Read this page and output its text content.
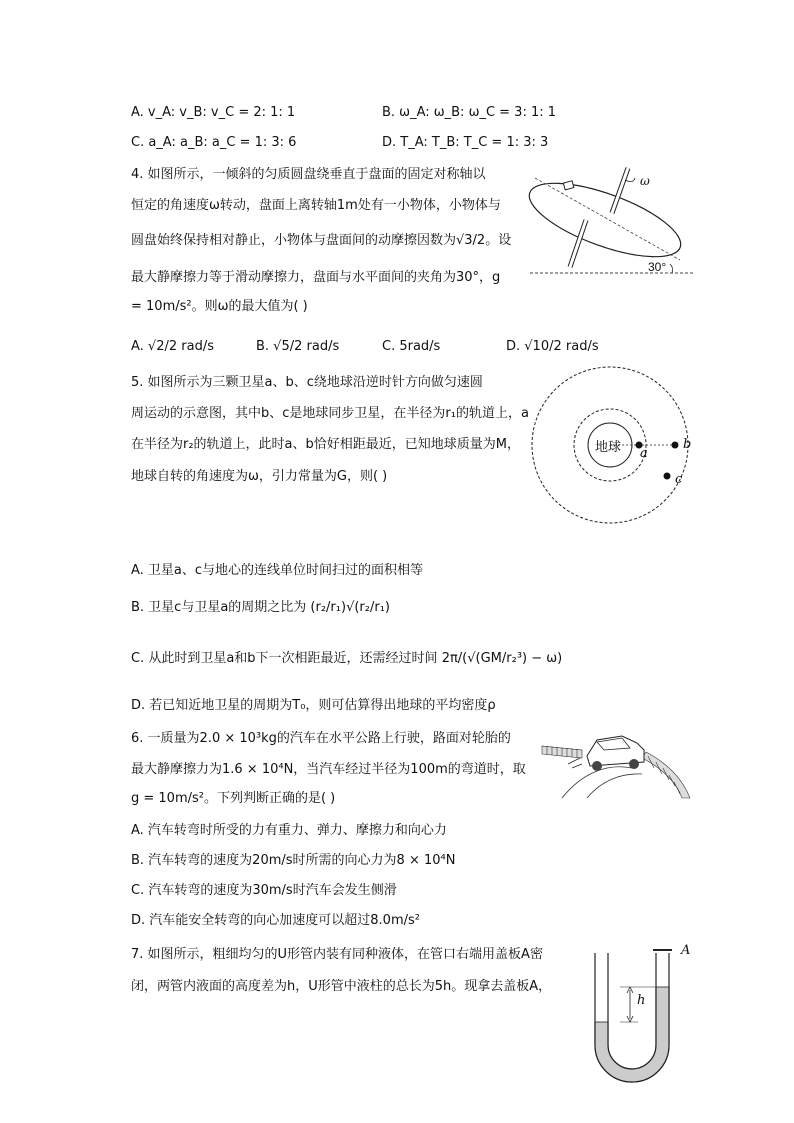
A. v_A: v_B: v_C = 2: 1: 1	B. ω_A: ω_B: ω_C = 3: 1: 1
C. a_A: a_B: a_C = 1: 3: 6	D. T_A: T_B: T_C = 1: 3: 3
4. 如图所示，一倾斜的匀质圆盘绕垂直于盘面的固定对称轴以
恒定的角速度ω转动，盘面上离转轴1m处有一小物体，小物体与
圆盘始终保持相对静止，小物体与盘面间的动摩擦因数为√3/2。设
最大静摩擦力等于滑动摩擦力，盘面与水平面间的夹角为30°，g
= 10m/s²。则ω的最大值为( )
A. √2/2 rad/s	B. √5/2 rad/s	C. 5rad/s	D. √10/2 rad/s
ω
30°
5. 如图所示为三颗卫星a、b、c绕地球沿逆时针方向做匀速圆
周运动的示意图，其中b、c是地球同步卫星，在半径为r₁的轨道上，a
在半径为r₂的轨道上，此时a、b恰好相距最近，已知地球质量为M，
地球自转的角速度为ω，引力常量为G，则( )
地球 a
b
c
A. 卫星a、c与地心的连线单位时间扫过的面积相等
B. 卫星c与卫星a的周期之比为 (r₂/r₁)√(r₂/r₁)
C. 从此时到卫星a和b下一次相距最近，还需经过时间 2π/(√(GM/r₂³) − ω)
D. 若已知近地卫星的周期为T₀，则可估算得出地球的平均密度ρ
6. 一质量为2.0 × 10³kg的汽车在水平公路上行驶，路面对轮胎的
最大静摩擦力为1.6 × 10⁴N，当汽车经过半径为100m的弯道时，取
g = 10m/s²。下列判断正确的是( )
A. 汽车转弯时所受的力有重力、弹力、摩擦力和向心力
B. 汽车转弯的速度为20m/s时所需的向心力为8 × 10⁴N
C. 汽车转弯的速度为30m/s时汽车会发生侧滑
D. 汽车能安全转弯的向心加速度可以超过8.0m/s²
7. 如图所示，粗细均匀的U形管内装有同种液体，在管口右端用盖板A密
闭，两管内液面的高度差为h，U形管中液柱的总长为5h。现拿去盖板A，
A
h
